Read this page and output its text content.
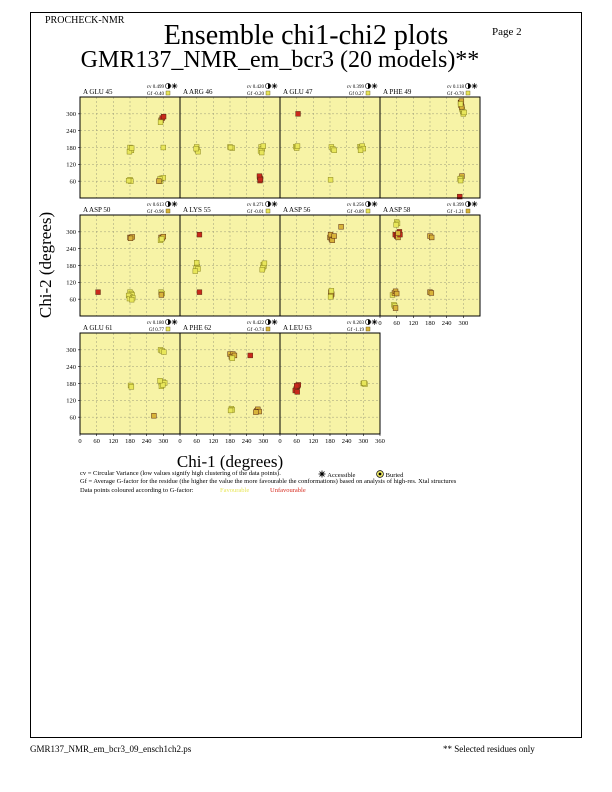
PROCHECK-NMR
Page 2
Ensemble chi1-chi2 plots
GMR137_NMR_em_bcr3 (20 models)**
A GLU 45
cv 0.499
Gf -0.40
60
120
180
240
300
A ARG 46
cv 0.420
Gf -0.20	A GLU 47
cv 0.399
Gf 0.27	A PHE 49
cv 0.118
Gf -0.70
A ASP 50
cv 0.613
Gf -0.96
60
120
180
240
300
A LYS 55
cv 0.271
Gf -0.01	A ASP 56
cv 0.256
Gf -0.89	A ASP 58
cv 0.399
Gf -1.21
0 60 120 180 240 300
A GLU 61
cv 0.180
Gf 0.77
60
120
180
240
300
0 60 120 180 240 300
A PHE 62
cv 0.422
Gf -0.74
0 60 120 180 240 300
A LEU 63
cv 0.203
Gf -1.19
0 60 120 180 240 300 360
Chi-2 (degrees)
Chi-1 (degrees)
cv = Circular Variance (low values signify high clustering of the data points).	Accessible	Buried
Gf = Average G-factor for the residue (the higher the value the more favourable the conformations) based on analysis of high-res. Xtal structures
Data points coloured according to G-factor:	Favourable	Unfavourable
GMR137_NMR_em_bcr3_09_ensch1ch2.ps	** Selected residues only
